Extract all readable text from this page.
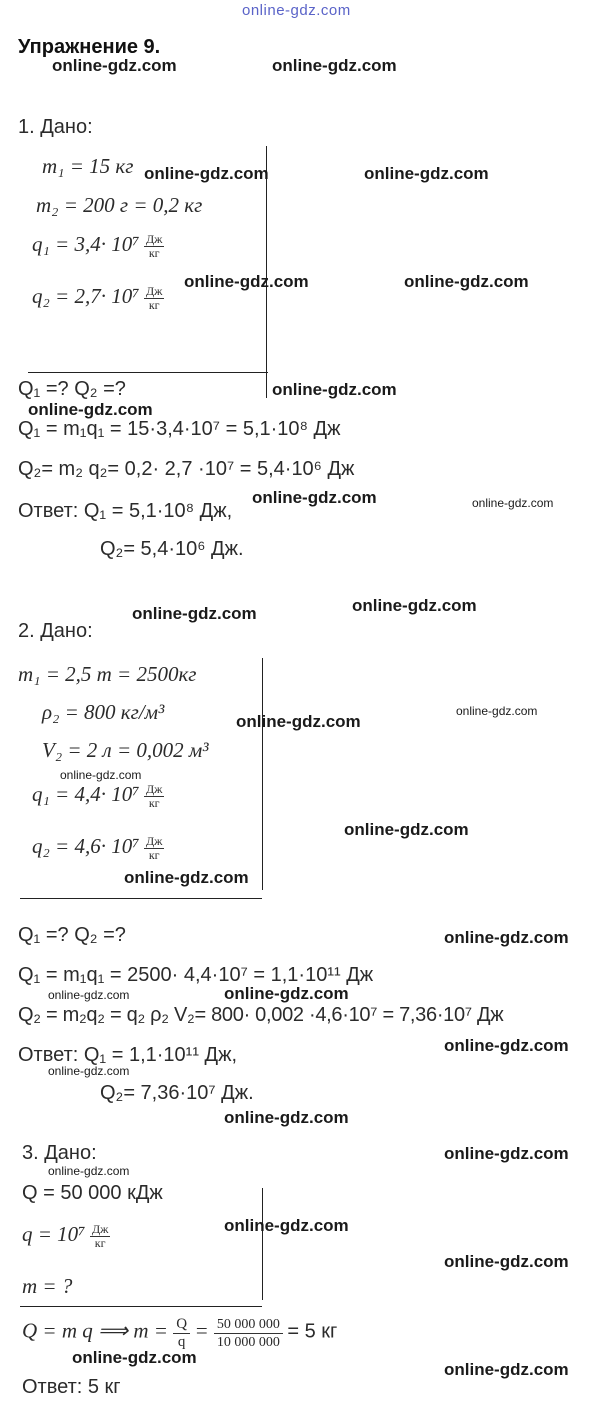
online-gdz.com
Упражнение 9.
1. Дано:
m₁ = 15 кг
m₂ = 200 г = 0,2 кг
$q_1 = 3,4\cdot 10^7 \frac{Дж}{кг}$
$q_2 = 2,7\cdot 10^7 \frac{Дж}{кг}$
Q₁ =? Q₂ =?
Q₁ = m₁q₁ = 15·3,4·10⁷ = 5,1·10⁸ Дж
Q₂= m₂ q₂= 0,2· 2,7 ·10⁷ = 5,4·10⁶ Дж
Ответ: Q₁ = 5,1·10⁸ Дж,
Q₂= 5,4·10⁶ Дж.
2. Дано:
m₁ = 2,5 т = 2500кг
ρ₂ = 800 кг/м³
V₂ = 2 л = 0,002 м³
$q_1 = 4,4\cdot 10^7 \frac{Дж}{кг}$
$q_2 = 4,6\cdot 10^7 \frac{Дж}{кг}$
Q₁ =? Q₂ =?
Q₁ = m₁q₁ = 2500· 4,4·10⁷ = 1,1·10¹¹ Дж
Q₂ = m₂q₂ = q₂ ρ₂ V₂= 800· 0,002 ·4,6·10⁷ = 7,36·10⁷ Дж
Ответ: Q₁ = 1,1·10¹¹ Дж,
Q₂= 7,36·10⁷ Дж.
3. Дано:
Q = 50 000 кДж
$q = 10^7 \frac{Дж}{кг}$
m = ?
Q = m q ⟹ $m = \frac{Q}{q} = \frac{50 000 000}{10 000 000} = 5$ кг
Ответ: 5 кг
online-gdz.com	online-gdz.com
online-gdz.com	online-gdz.com
online-gdz.com	online-gdz.com
online-gdz.com
online-gdz.com
online-gdz.com	online-gdz.com
online-gdz.com	online-gdz.com
online-gdz.com
online-gdz.com
online-gdz.com
online-gdz.com
online-gdz.com
online-gdz.com
online-gdz.com	online-gdz.com
online-gdz.com
online-gdz.com
online-gdz.com
online-gdz.com
online-gdz.com
online-gdz.com
online-gdz.com
online-gdz.com
online-gdz.com
